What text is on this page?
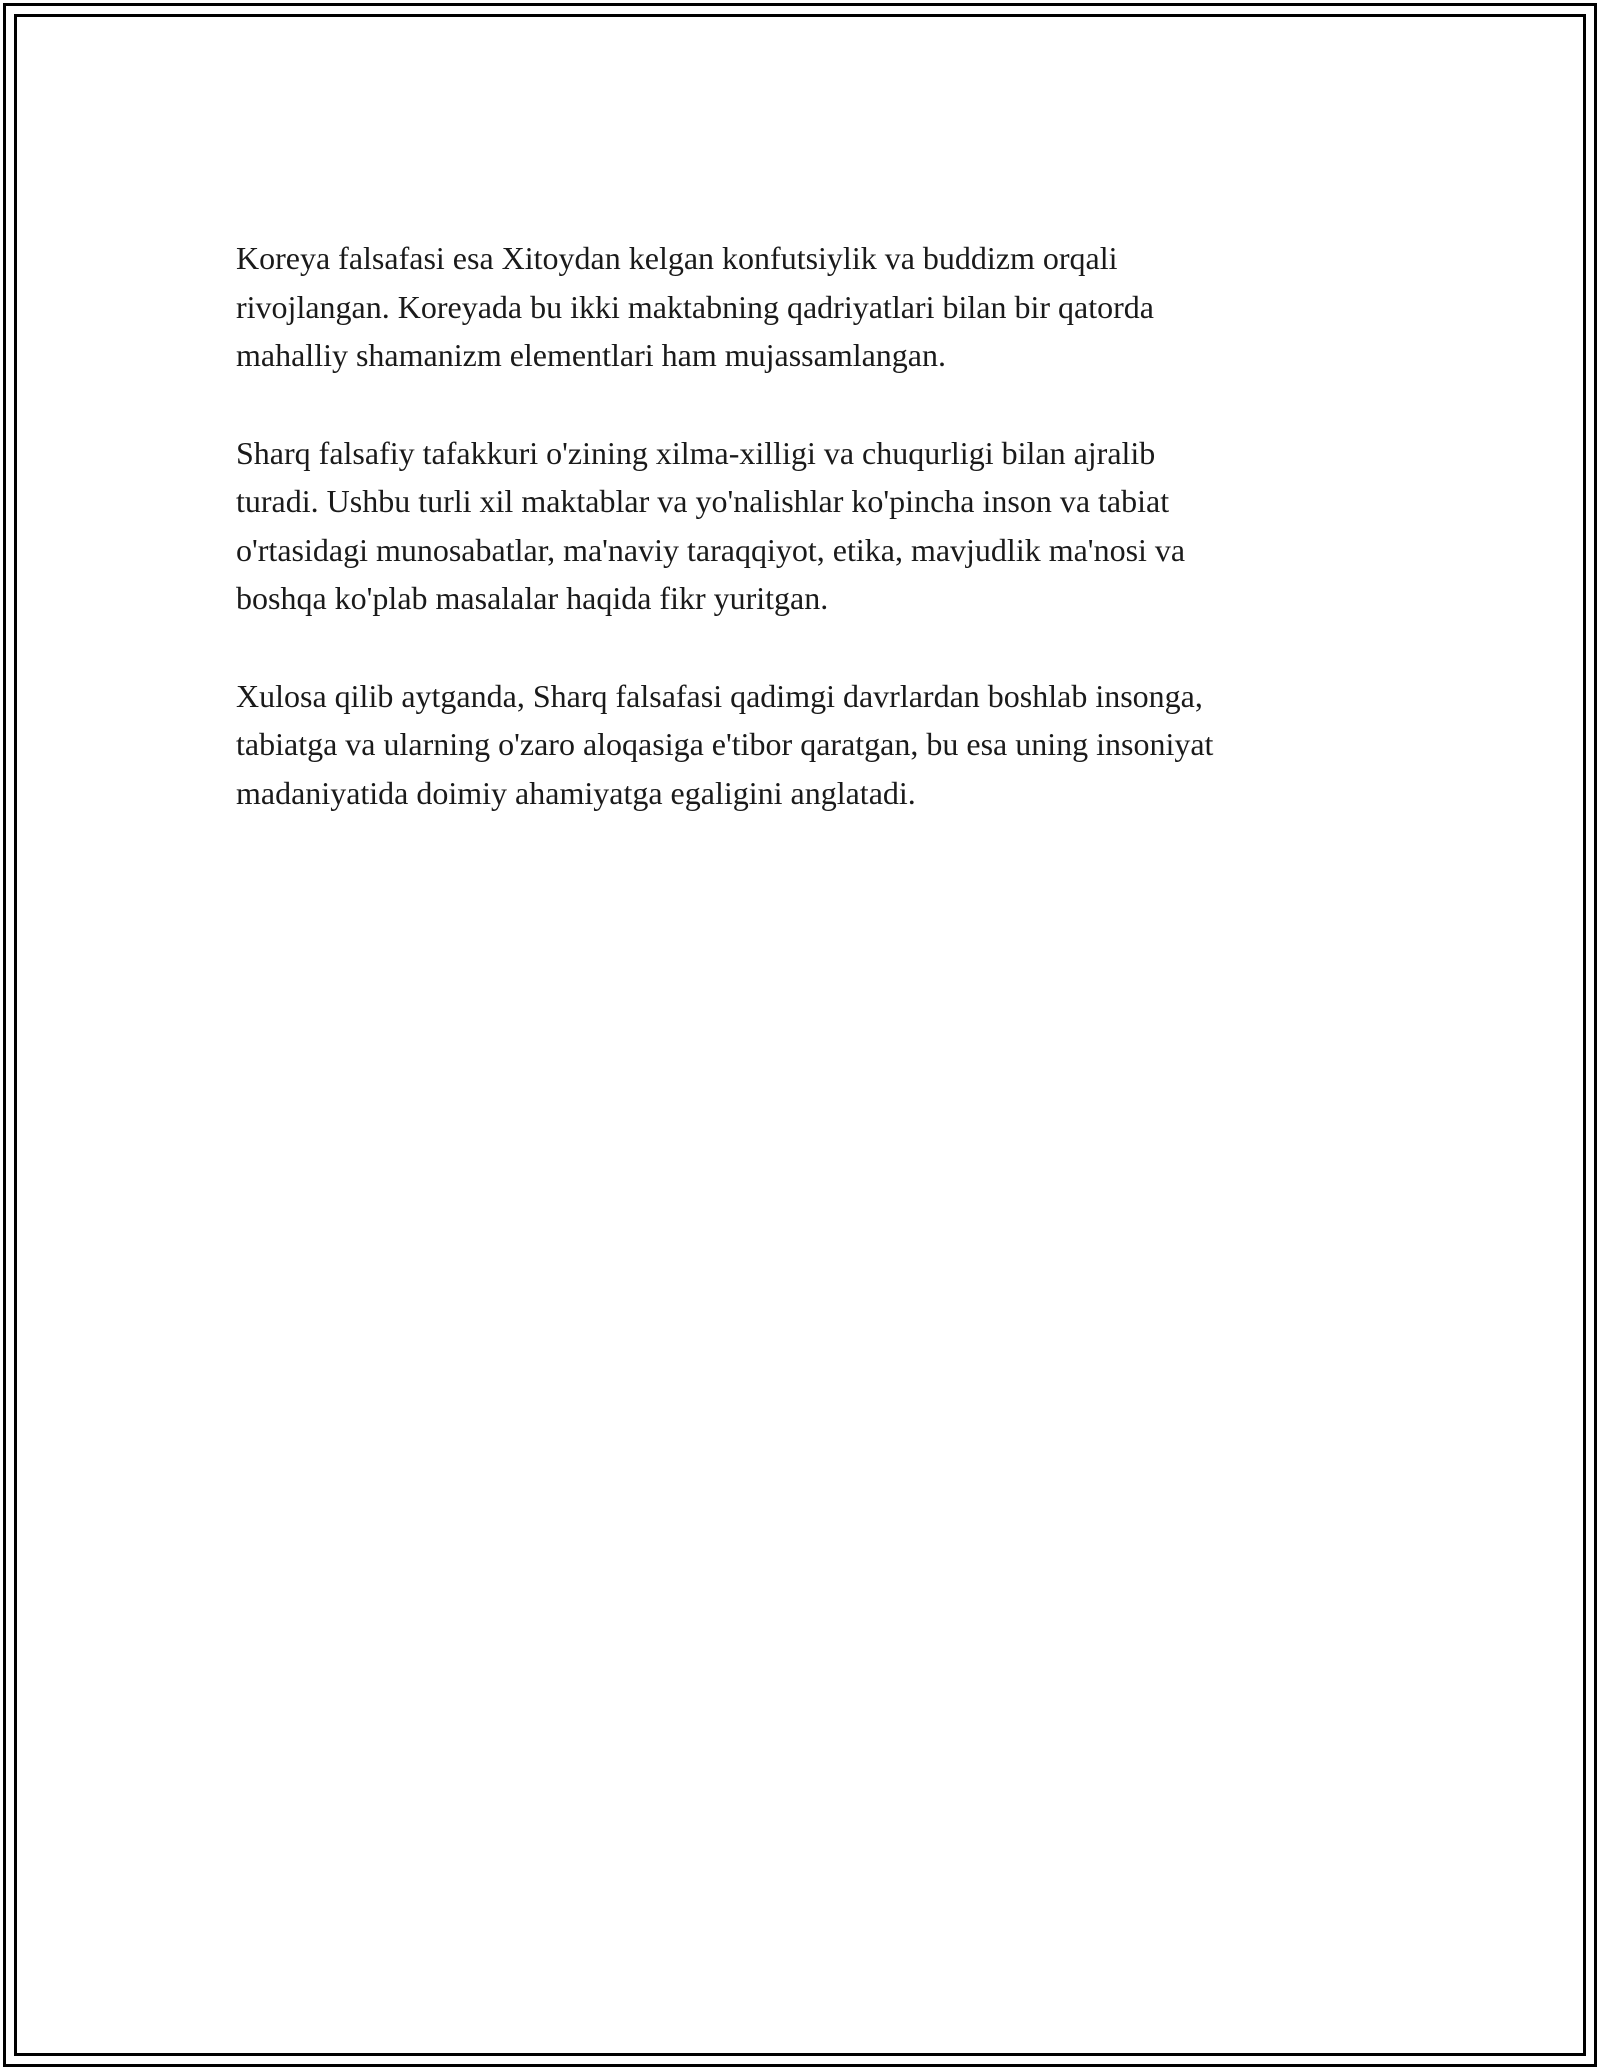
Koreya falsafasi esa Xitoydan kelgan konfutsiylik va buddizm orqali
rivojlangan. Koreyada bu ikki maktabning qadriyatlari bilan bir qatorda
mahalliy shamanizm elementlari ham mujassamlangan.

Sharq falsafiy tafakkuri o'zining xilma-xilligi va chuqurligi bilan ajralib
turadi. Ushbu turli xil maktablar va yo'nalishlar ko'pincha inson va tabiat
o'rtasidagi munosabatlar, ma'naviy taraqqiyot, etika, mavjudlik ma'nosi va
boshqa ko'plab masalalar haqida fikr yuritgan.

Xulosa qilib aytganda, Sharq falsafasi qadimgi davrlardan boshlab insonga,
tabiatga va ularning o'zaro aloqasiga e'tibor qaratgan, bu esa uning insoniyat
madaniyatida doimiy ahamiyatga egaligini anglatadi.
